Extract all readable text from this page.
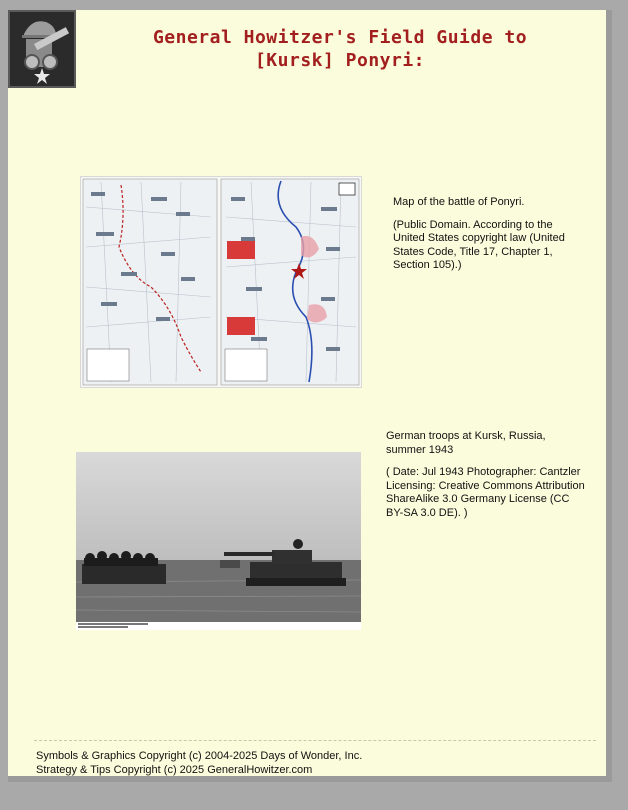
General Howitzer's Field Guide to
[Kursk] Ponyri:

Map of the battle of Ponyri.

(Public Domain. According to the United States copyright law (United States Code, Title 17, Chapter 1, Section 105).)

German troops at Kursk, Russia, summer 1943

( Date: Jul 1943 Photographer: Cantzler Licensing: Creative Commons Attribution ShareAlike 3.0 Germany License (CC BY-SA 3.0 DE). )

Symbols & Graphics Copyright (c) 2004-2025 Days of Wonder, Inc.
Strategy & Tips Copyright (c) 2025 GeneralHowitzer.com
